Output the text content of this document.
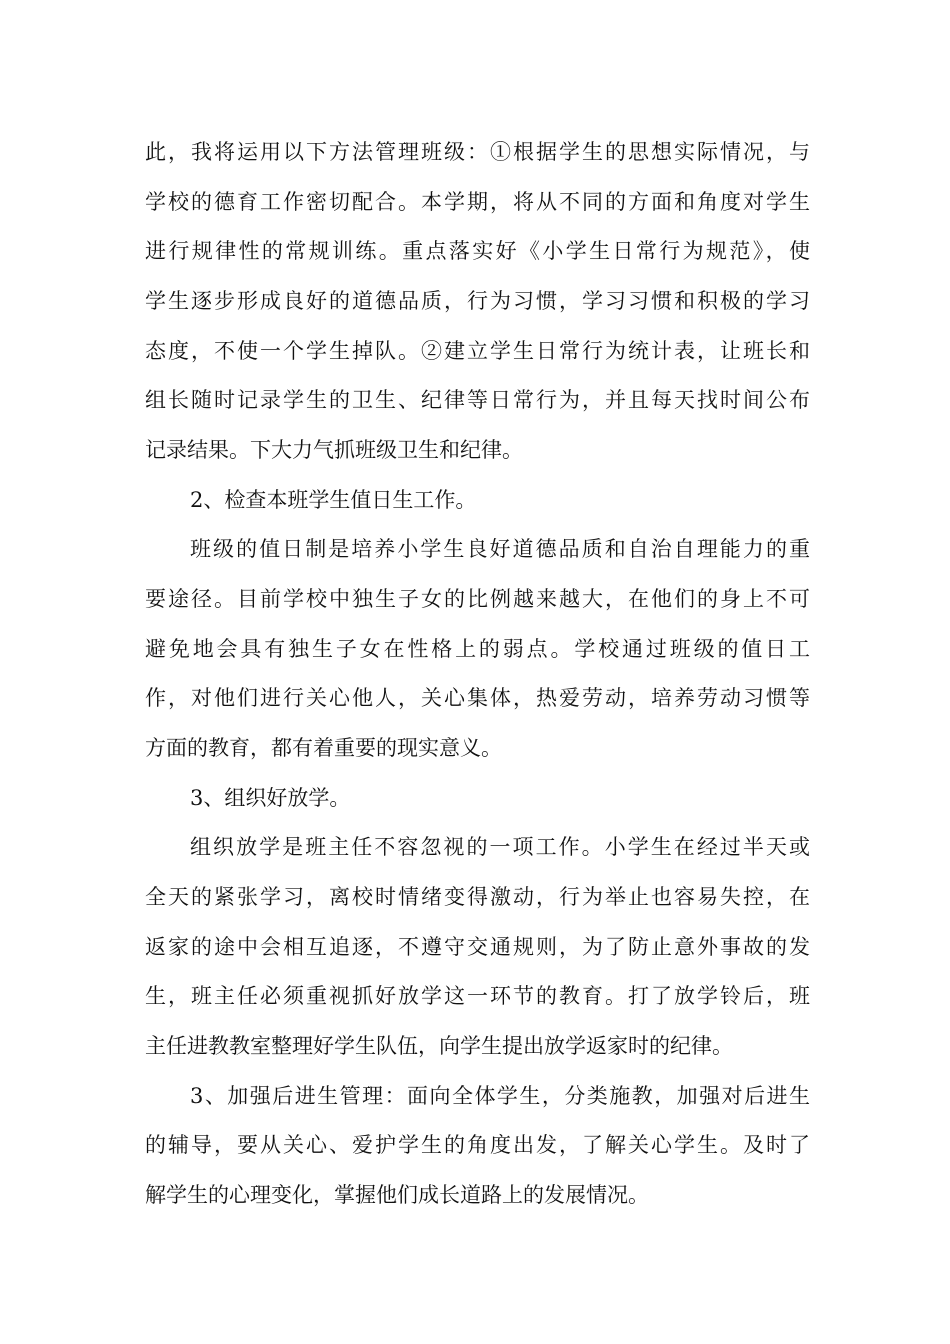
此，我将运用以下方法管理班级：①根据学生的思想实际情况，与
学校的德育工作密切配合。本学期，将从不同的方面和角度对学生
进行规律性的常规训练。重点落实好《小学生日常行为规范》，使
学生逐步形成良好的道德品质，行为习惯，学习习惯和积极的学习
态度，不使一个学生掉队。②建立学生日常行为统计表，让班长和
组长随时记录学生的卫生、纪律等日常行为，并且每天找时间公布
记录结果。下大力气抓班级卫生和纪律。
2、检查本班学生值日生工作。
班级的值日制是培养小学生良好道德品质和自治自理能力的重
要途径。目前学校中独生子女的比例越来越大，在他们的身上不可
避免地会具有独生子女在性格上的弱点。学校通过班级的值日工
作，对他们进行关心他人，关心集体，热爱劳动，培养劳动习惯等
方面的教育，都有着重要的现实意义。
3、组织好放学。
组织放学是班主任不容忽视的一项工作。小学生在经过半天或
全天的紧张学习，离校时情绪变得激动，行为举止也容易失控，在
返家的途中会相互追逐，不遵守交通规则，为了防止意外事故的发
生，班主任必须重视抓好放学这一环节的教育。打了放学铃后，班
主任进教教室整理好学生队伍，向学生提出放学返家时的纪律。
3、加强后进生管理：面向全体学生，分类施教，加强对后进生
的辅导，要从关心、爱护学生的角度出发，了解关心学生。及时了
解学生的心理变化，掌握他们成长道路上的发展情况。
